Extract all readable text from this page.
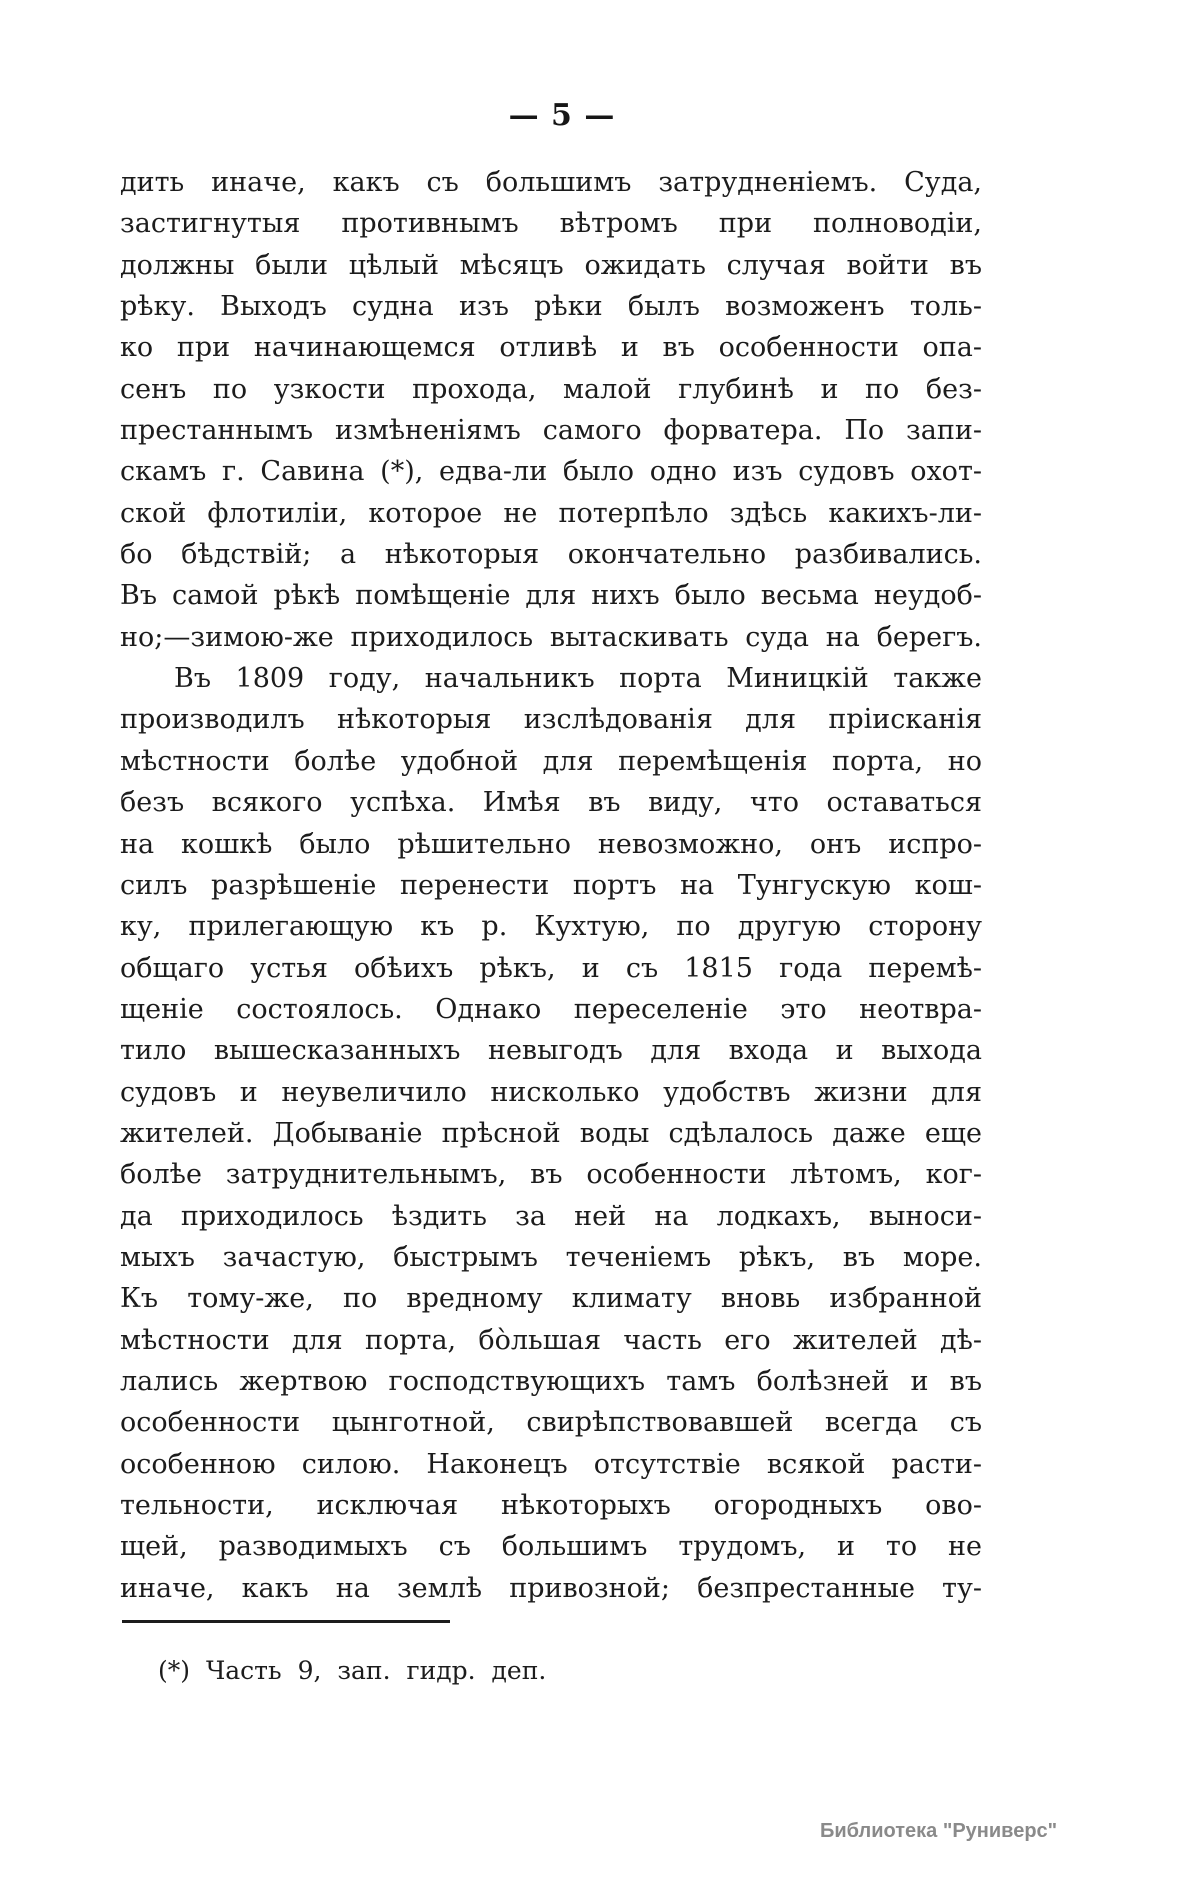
— 5 —
дить иначе, какъ съ большимъ затрудненіемъ. Суда,
застигнутыя противнымъ вѣтромъ при полноводіи,
должны были цѣлый мѣсяцъ ожидать случая войти въ
рѣку. Выходъ судна изъ рѣки былъ возможенъ толь-
ко при начинающемся отливѣ и въ особенности опа-
сенъ по узкости прохода, малой глубинѣ и по без-
престаннымъ измѣненіямъ самого форватера. По запи-
скамъ г. Савина (*), едва-ли было одно изъ судовъ охот-
ской флотиліи, которое не потерпѣло здѣсь какихъ-ли-
бо бѣдствій; а нѣкоторыя окончательно разбивались.
Въ самой рѣкѣ помѣщеніе для нихъ было весьма неудоб-
но;—зимою-же приходилось вытаскивать суда на берегъ.
Въ 1809 году, начальникъ порта Миницкій также
производилъ нѣкоторыя изслѣдованія для пріисканія
мѣстности болѣе удобной для перемѣщенія порта, но
безъ всякого успѣха. Имѣя въ виду, что оставаться
на кошкѣ было рѣшительно невозможно, онъ испро-
силъ разрѣшеніе перенести портъ на Тунгускую кош-
ку, прилегающую къ р. Кухтую, по другую сторону
общаго устья обѣихъ рѣкъ, и съ 1815 года перемѣ-
щеніе состоялось. Однако переселеніе это неотвра-
тило вышесказанныхъ невыгодъ для входа и выхода
судовъ и неувеличило нисколько удобствъ жизни для
жителей. Добываніе прѣсной воды сдѣлалось даже еще
болѣе затруднительнымъ, въ особенности лѣтомъ, ког-
да приходилось ѣздить за ней на лодкахъ, выноси-
мыхъ зачастую, быстрымъ теченіемъ рѣкъ, въ море.
Къ тому-же, по вредному климату вновь избранной
мѣстности для порта, бо̀льшая часть его жителей дѣ-
лались жертвою господствующихъ тамъ болѣзней и въ
особенности цынготной, свирѣпствовавшей всегда съ
особенною силою. Наконецъ отсутствіе всякой расти-
тельности, исключая нѣкоторыхъ огородныхъ ово-
щей, разводимыхъ съ большимъ трудомъ, и то не
иначе, какъ на землѣ привозной; безпрестанные ту-
(*) Часть 9, зап. гидр. деп.
Библиотека "Руниверс"
